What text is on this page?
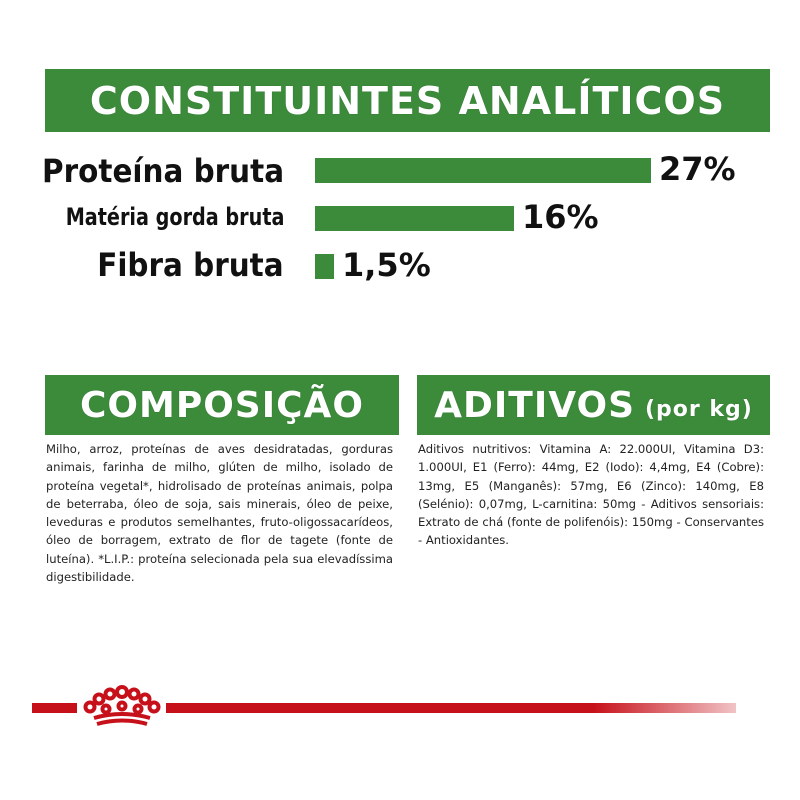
CONSTITUINTES ANALÍTICOS
Proteína bruta	27%
Matéria gorda bruta	16%
Fibra bruta 1,5%
COMPOSIÇÃO ADITIVOS (por kg)
Milho, arroz, proteínas de aves desidratadas, gorduras animais, farinha de milho, glúten de milho, isolado de proteína vegetal*, hidrolisado de proteínas animais, polpa de beterraba, óleo de soja, sais minerais, óleo de peixe, leveduras e produtos semelhantes, fruto-oligossacarídeos, óleo de borragem, extrato de flor de tagete (fonte de luteína). *L.I.P.: proteína selecionada pela sua elevadíssima digestibilidade.
Aditivos nutritivos: Vitamina A: 22.000UI, Vitamina D3: 1.000UI, E1 (Ferro): 44mg, E2 (Iodo): 4,4mg, E4 (Cobre): 13mg, E5 (Manganês): 57mg, E6 (Zinco): 140mg, E8 (Selénio): 0,07mg, L-carnitina: 50mg - Aditivos sensoriais: Extrato de chá (fonte de polifenóis): 150mg - Conservantes - Antioxidantes.
